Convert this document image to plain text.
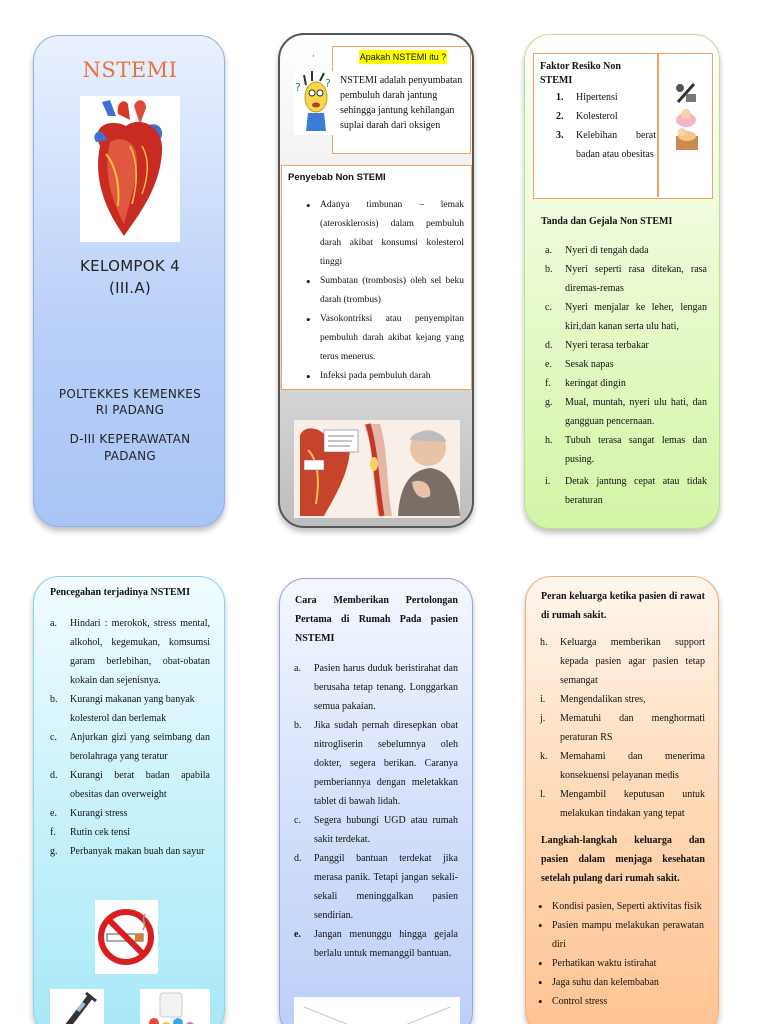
NSTEMI
KELOMPOK 4
(III.A)
POLTEKKES KEMENKES
RI PADANG
D-III KEPERAWATAN
PADANG
·	Apakah NSTEMI itu ?
NSTEMI adalah penyumbatan pembuluh darah jantung sehingga jantung kehilangan suplai darah dari oksigen
? ?
Penyebab Non STEMI
• Adanya timbunan – lemak (aterosklerosis) dalam pembuluh darah akibat konsumsi kolesterol tinggi
• Sumbatan (trombosis) oleh sel beku darah (trombus)
• Vasokontriksi atau penyempitan pembuluh darah akibat kejang yang terus menerus.
• Infeksi pada pembuluh darah
Faktor Resiko Non STEMI
1. Hipertensi
2. Kolesterol
3. Kelebihan berat badan atau obesitas
Tanda dan Gejala Non STEMI
a. Nyeri di tengah dada
b. Nyeri seperti rasa ditekan, rasa diremas-remas
c. Nyeri menjalar ke leher, lengan kiri,dan kanan serta ulu hati,
d. Nyeri terasa terbakar
e. Sesak napas
f. keringat dingin
g. Mual, muntah, nyeri ulu hati, dan gangguan pencernaan.
h. Tubuh terasa sangat lemas dan pusing.
i. Detak jantung cepat atau tidak beraturan
Pencegahan terjadinya NSTEMI
a. Hindari : merokok, stress mental, alkohol, kegemukan, komsumsi garam berlebihan, obat-obatan kokain dan sejenisnya.
b. Kurangi makanan yang banyak kolesterol dan berlemak
c. Anjurkan gizi yang seimbang dan berolahraga yang teratur
d. Kurangi berat badan apabila obesitas dan overweight
e. Kurangi stress
f. Rutin cek tensi
g. Perbanyak makan buah dan sayur
Cara Memberikan Pertolongan Pertama di Rumah Pada pasien NSTEMI
a. Pasien harus duduk beristirahat dan berusaha tetap tenang. Longgarkan semua pakaian.
b. Jika sudah pernah diresepkan obat nitrogliserin sebelumnya oleh dokter, segera berikan. Caranya pemberiannya dengan meletakkan tablet di bawah lidah.
c. Segera hubungi UGD atau rumah sakit terdekat.
d. Panggil bantuan terdekat jika merasa panik. Tetapi jangan sekali-sekali meninggalkan pasien sendirian.
e. Jangan menunggu hingga gejala berlalu untuk memanggil bantuan.
Peran keluarga ketika pasien di rawat di rumah sakit.
h. Keluarga memberikan support kepada pasien agar pasien tetap semangat
i. Mengendalikan stres,
j. Mematuhi dan menghormati peraturan RS
k. Memahami dan menerima konsekuensi pelayanan medis
l. Mengambil keputusan untuk melakukan tindakan yang tepat
Langkah-langkah keluarga dan pasien dalam menjaga kesehatan setelah pulang dari rumah sakit.
• Kondisi pasien, Seperti aktivitas fisik
• Pasien mampu melakukan perawatan diri
• Perhatikan waktu istirahat
• Jaga suhu dan kelembaban
• Control stress
